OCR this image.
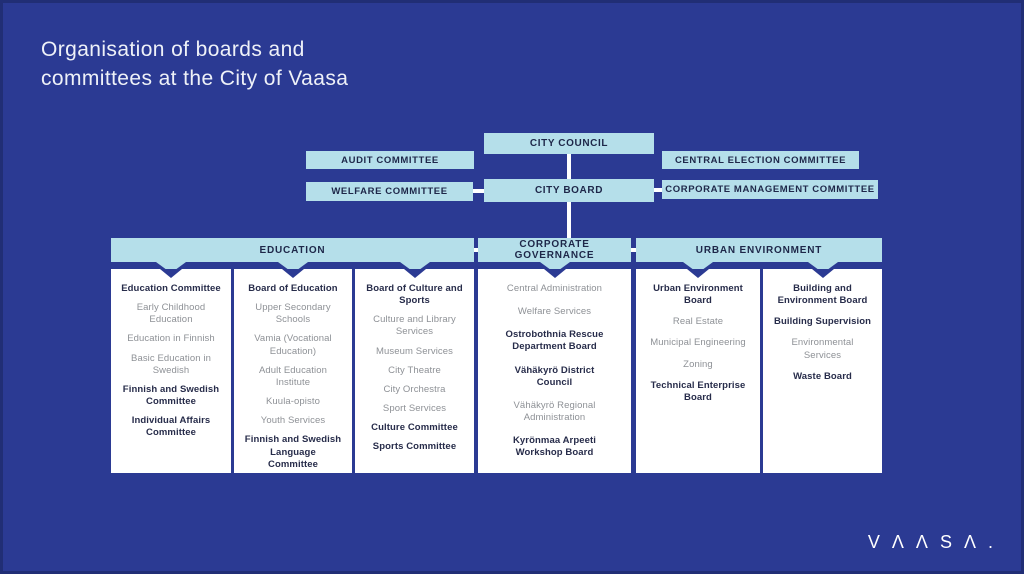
Organisation of boards and
committees at the City of Vaasa
CITY COUNCIL
AUDIT COMMITTEE	CENTRAL ELECTION COMMITTEE
WELFARE COMMITTEE	CITY BOARD	CORPORATE MANAGEMENT COMMITTEE
EDUCATION	CORPORATE GOVERNANCE	URBAN ENVIRONMENT
Education Committee
Early Childhood Education
Education in Finnish
Basic Education in Swedish
Finnish and Swedish Committee
Individual Affairs Committee
Board of Education
Upper Secondary Schools
Vamia (Vocational Education)
Adult Education Institute
Kuula-opisto
Youth Services
Finnish and Swedish Language Committee
Board of Culture and Sports
Culture and Library Services
Museum Services
City Theatre
City Orchestra
Sport Services
Culture Committee
Sports Committee
Central Administration
Welfare Services
Ostrobothnia Rescue Department Board
Vähäkyrö District Council
Vähäkyrö Regional Administration
Kyrönmaa Arpeeti Workshop Board
Urban Environment Board
Real Estate
Municipal Engineering
Zoning
Technical Enterprise Board
Building and Environment Board
Building Supervision
Environmental Services
Waste Board
VΛΛSΛ.
